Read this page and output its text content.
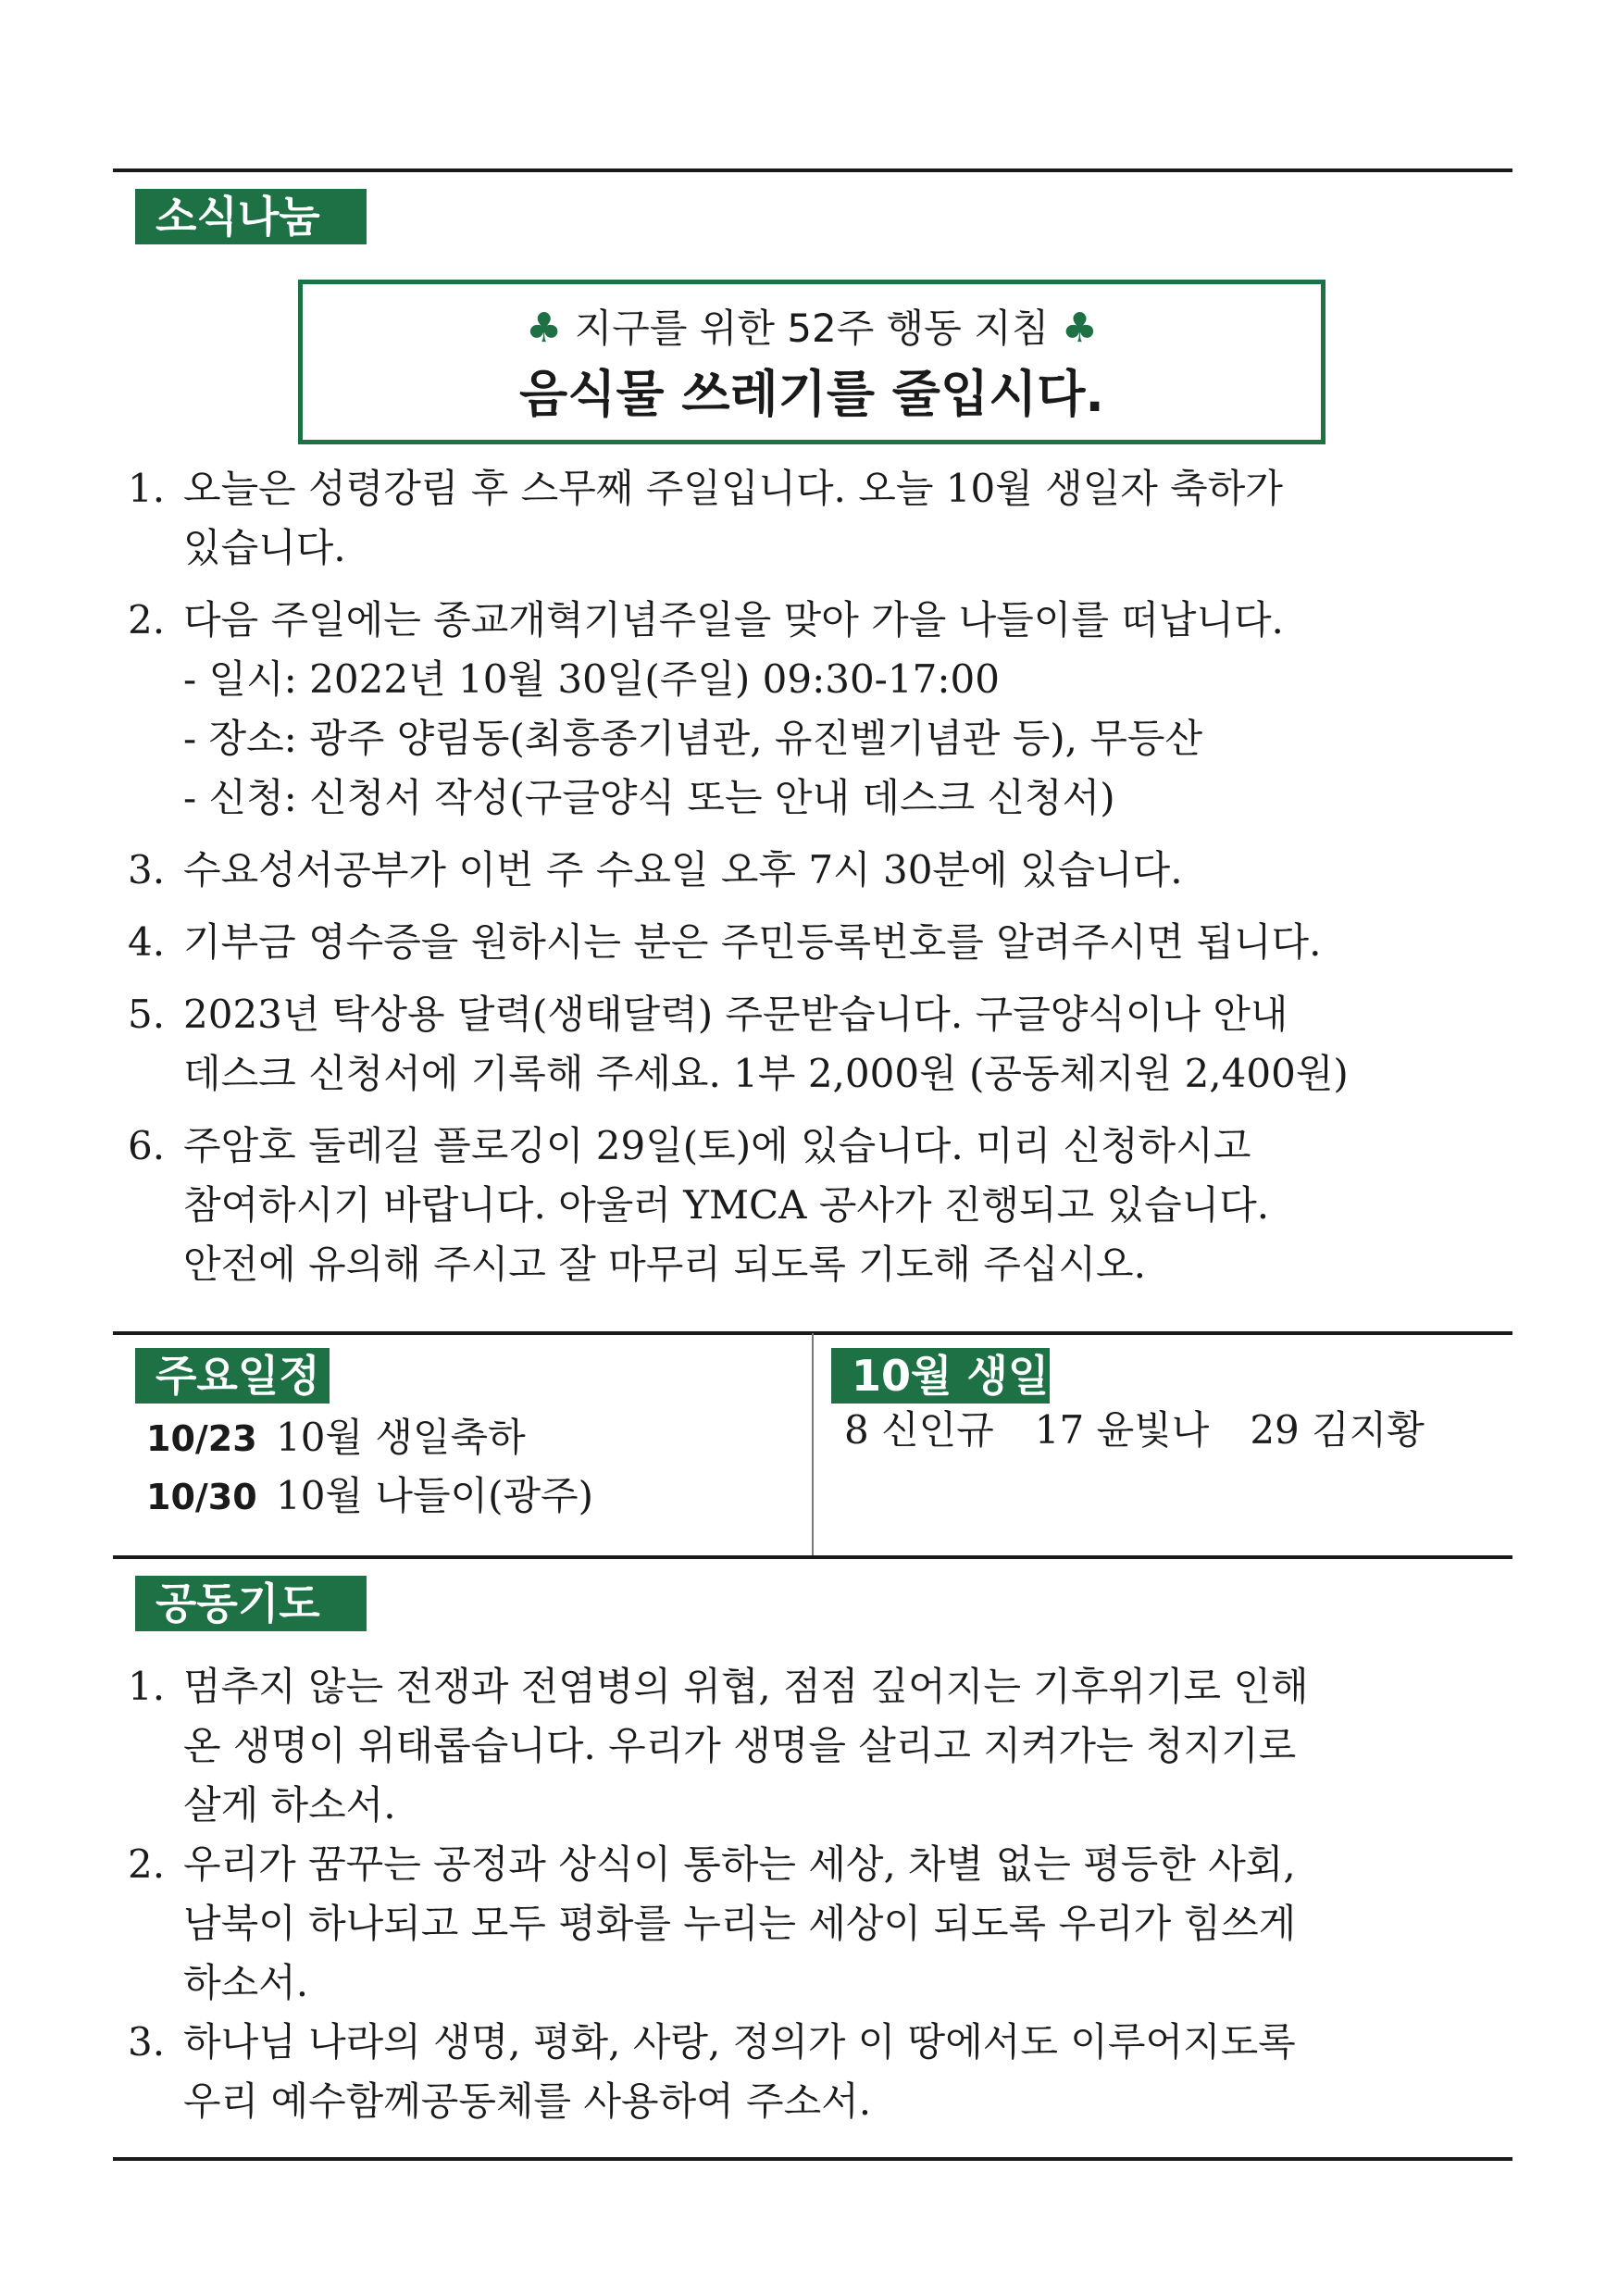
소식나눔
♣ 지구를 위한 52주 행동 지침 ♣
음식물 쓰레기를 줄입시다.
1. 오늘은 성령강림 후 스무째 주일입니다. 오늘 10월 생일자 축하가
있습니다.
2. 다음 주일에는 종교개혁기념주일을 맞아 가을 나들이를 떠납니다.
- 일시: 2022년 10월 30일(주일) 09:30-17:00
- 장소: 광주 양림동(최흥종기념관, 유진벨기념관 등), 무등산
- 신청: 신청서 작성(구글양식 또는 안내 데스크 신청서)
3. 수요성서공부가 이번 주 수요일 오후 7시 30분에 있습니다.
4. 기부금 영수증을 원하시는 분은 주민등록번호를 알려주시면 됩니다.
5. 2023년 탁상용 달력(생태달력) 주문받습니다. 구글양식이나 안내
데스크 신청서에 기록해 주세요. 1부 2,000원 (공동체지원 2,400원)
6. 주암호 둘레길 플로깅이 29일(토)에 있습니다. 미리 신청하시고
참여하시기 바랍니다. 아울러 YMCA 공사가 진행되고 있습니다.
안전에 유의해 주시고 잘 마무리 되도록 기도해 주십시오.
주요일정
10/23 10월 생일축하
10/30 10월 나들이(광주)
10월 생일
8 신인규 17 윤빛나 29 김지황
공동기도
1. 멈추지 않는 전쟁과 전염병의 위협, 점점 깊어지는 기후위기로 인해
온 생명이 위태롭습니다. 우리가 생명을 살리고 지켜가는 청지기로
살게 하소서.
2. 우리가 꿈꾸는 공정과 상식이 통하는 세상, 차별 없는 평등한 사회,
남북이 하나되고 모두 평화를 누리는 세상이 되도록 우리가 힘쓰게
하소서.
3. 하나님 나라의 생명, 평화, 사랑, 정의가 이 땅에서도 이루어지도록
우리 예수함께공동체를 사용하여 주소서.
